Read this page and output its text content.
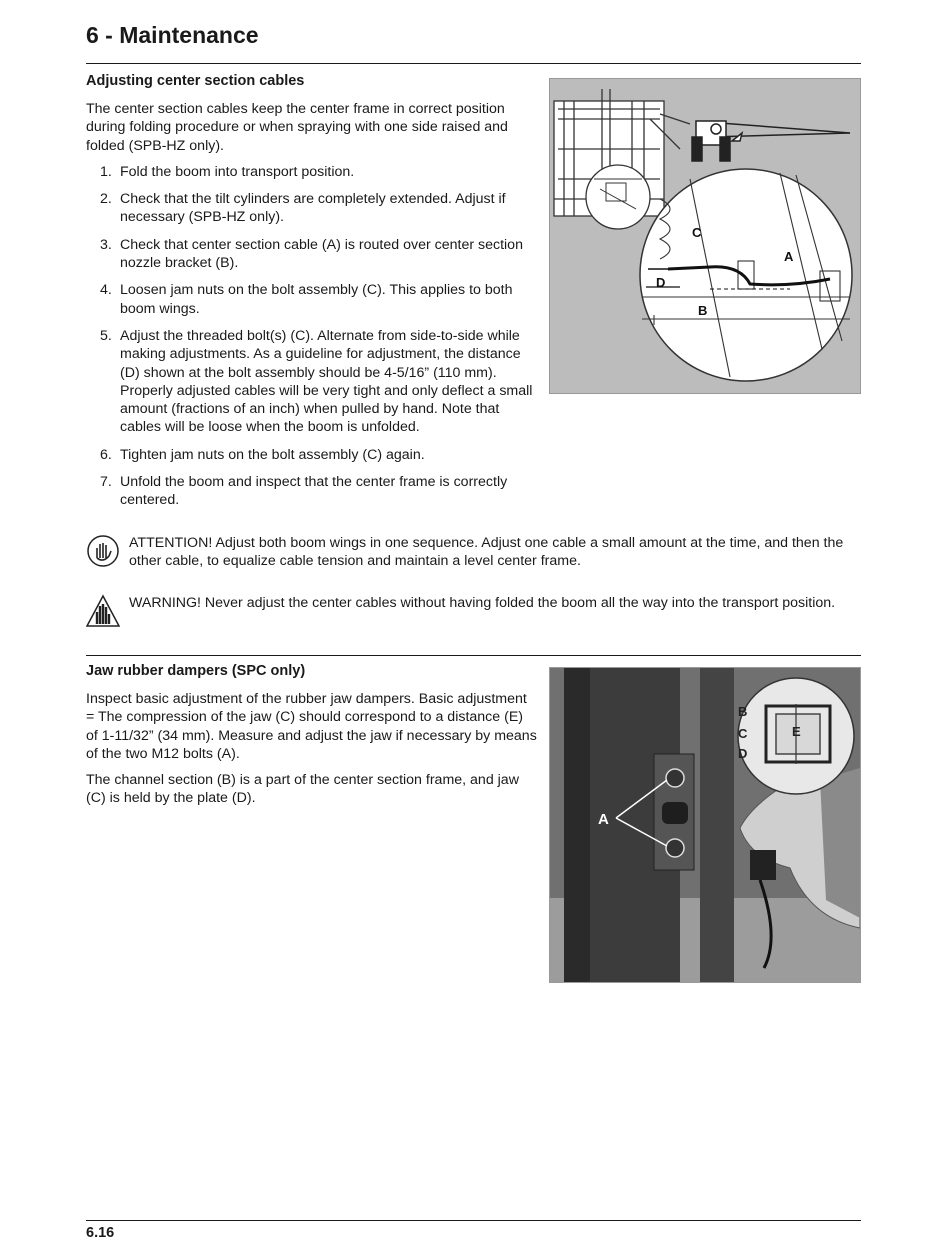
6 - Maintenance
Adjusting center section cables

The center section cables keep the center frame in correct position during folding procedure or when spraying with one side raised and folded (SPB-HZ only).

1. Fold the boom into transport position.
2. Check that the tilt cylinders are completely extended. Adjust if necessary (SPB-HZ only).
3. Check that center section cable (A) is routed over center section nozzle bracket (B).
4. Loosen jam nuts on the bolt assembly (C). This applies to both boom wings.
5. Adjust the threaded bolt(s) (C). Alternate from side-to-side while making adjustments. As a guideline for adjustment, the distance (D) shown at the bolt assembly should be 4-5/16” (110 mm). Properly adjusted cables will be very tight and only deflect a small amount (fractions of an inch) when pulled by hand. Note that cables will be loose when the boom is unfolded.
6. Tighten jam nuts on the bolt assembly (C) again.
7. Unfold the boom and inspect that the center frame is correctly centered.
C
A
D
B
ATTENTION! Adjust both boom wings in one sequence. Adjust one cable a small amount at the time, and then the other cable, to equalize cable tension and maintain a level center frame.
WARNING! Never adjust the center cables without having folded the boom all the way into the transport position.
Jaw rubber dampers (SPC only)

Inspect basic adjustment of the rubber jaw dampers. Basic adjustment = The compression of the jaw (C) should correspond to a distance (E) of 1-11/32” (34 mm). Measure and adjust the jaw if necessary by means of the two M12 bolts (A).

The channel section (B) is a part of the center section frame, and jaw (C) is held by the plate (D).

A
B
C
D
E
6.16
